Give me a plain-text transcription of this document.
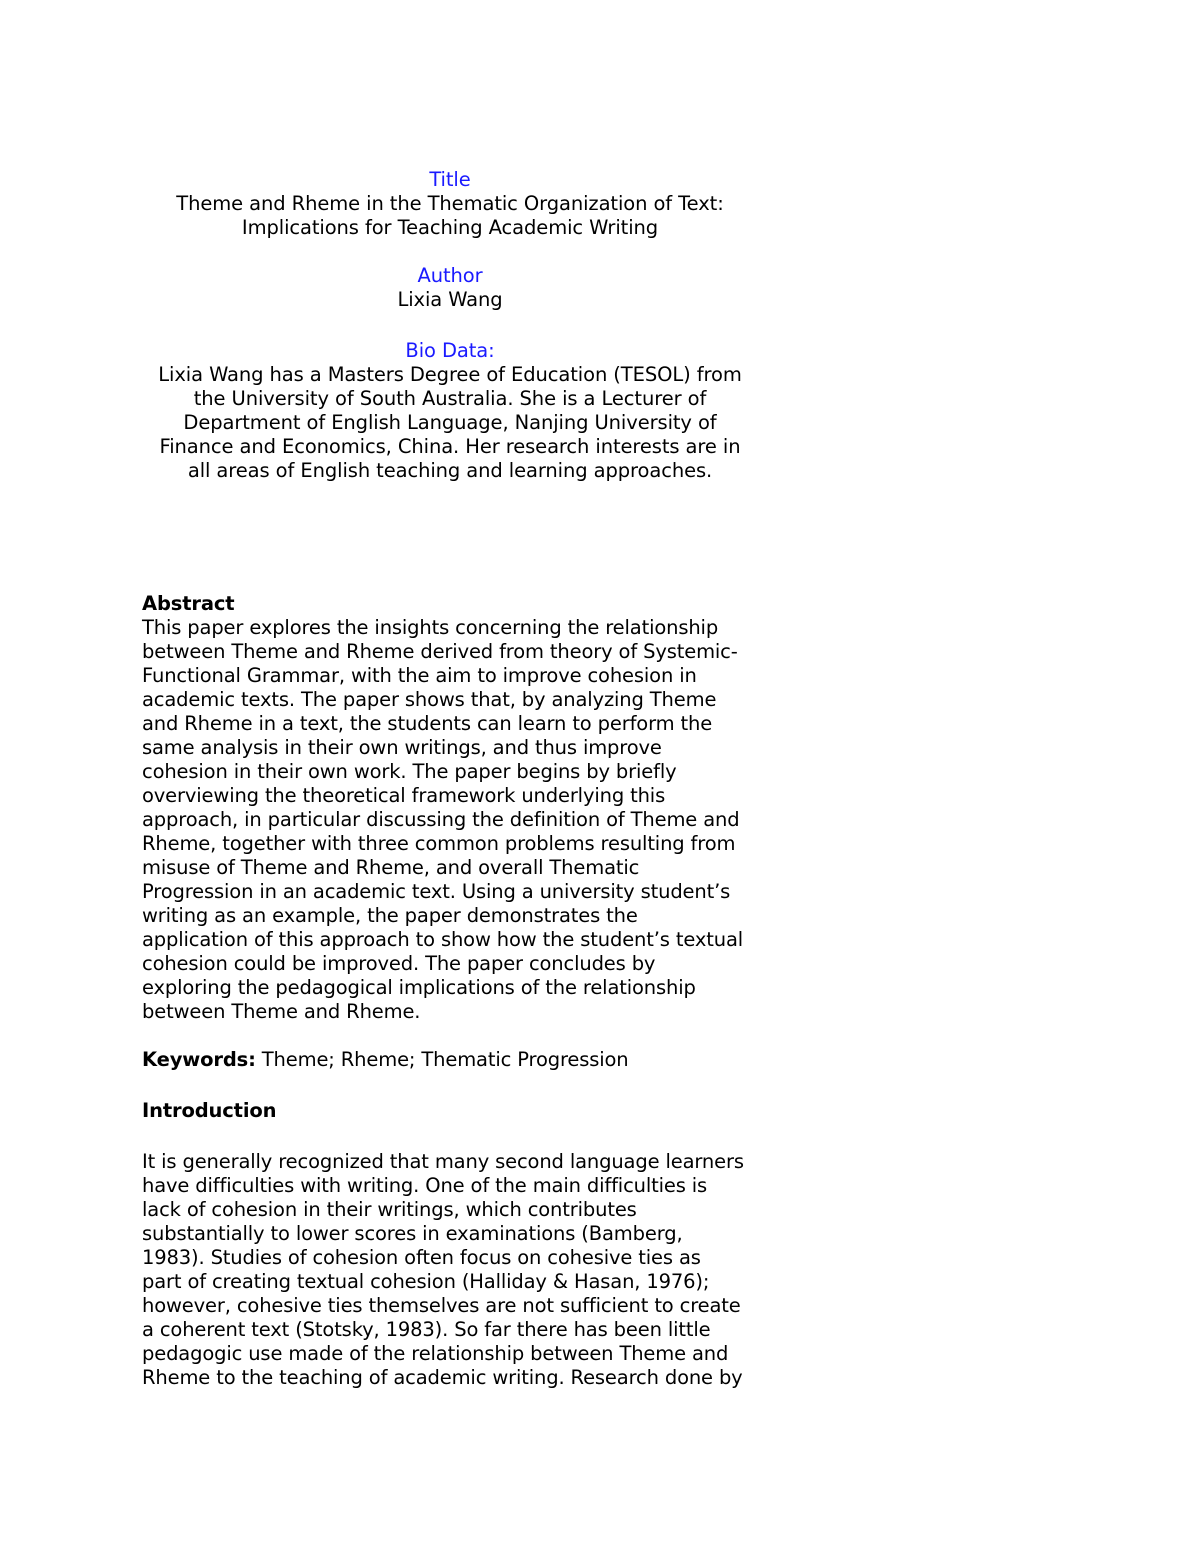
Title
Theme and Rheme in the Thematic Organization of Text:
Implications for Teaching Academic Writing
Author
Lixia Wang
Bio Data:
Lixia Wang has a Masters Degree of Education (TESOL) from
the University of South Australia. She is a Lecturer of
Department of English Language, Nanjing University of
Finance and Economics, China. Her research interests are in
all areas of English teaching and learning approaches.
Abstract
This paper explores the insights concerning the relationship
between Theme and Rheme derived from theory of Systemic-
Functional Grammar, with the aim to improve cohesion in
academic texts. The paper shows that, by analyzing Theme
and Rheme in a text, the students can learn to perform the
same analysis in their own writings, and thus improve
cohesion in their own work. The paper begins by briefly
overviewing the theoretical framework underlying this
approach, in particular discussing the definition of Theme and
Rheme, together with three common problems resulting from
misuse of Theme and Rheme, and overall Thematic
Progression in an academic text. Using a university student’s
writing as an example, the paper demonstrates the
application of this approach to show how the student’s textual
cohesion could be improved. The paper concludes by
exploring the pedagogical implications of the relationship
between Theme and Rheme.
Keywords: Theme; Rheme; Thematic Progression
Introduction
It is generally recognized that many second language learners
have difficulties with writing. One of the main difficulties is
lack of cohesion in their writings, which contributes
substantially to lower scores in examinations (Bamberg,
1983). Studies of cohesion often focus on cohesive ties as
part of creating textual cohesion (Halliday & Hasan, 1976);
however, cohesive ties themselves are not sufficient to create
a coherent text (Stotsky, 1983). So far there has been little
pedagogic use made of the relationship between Theme and
Rheme to the teaching of academic writing. Research done by
